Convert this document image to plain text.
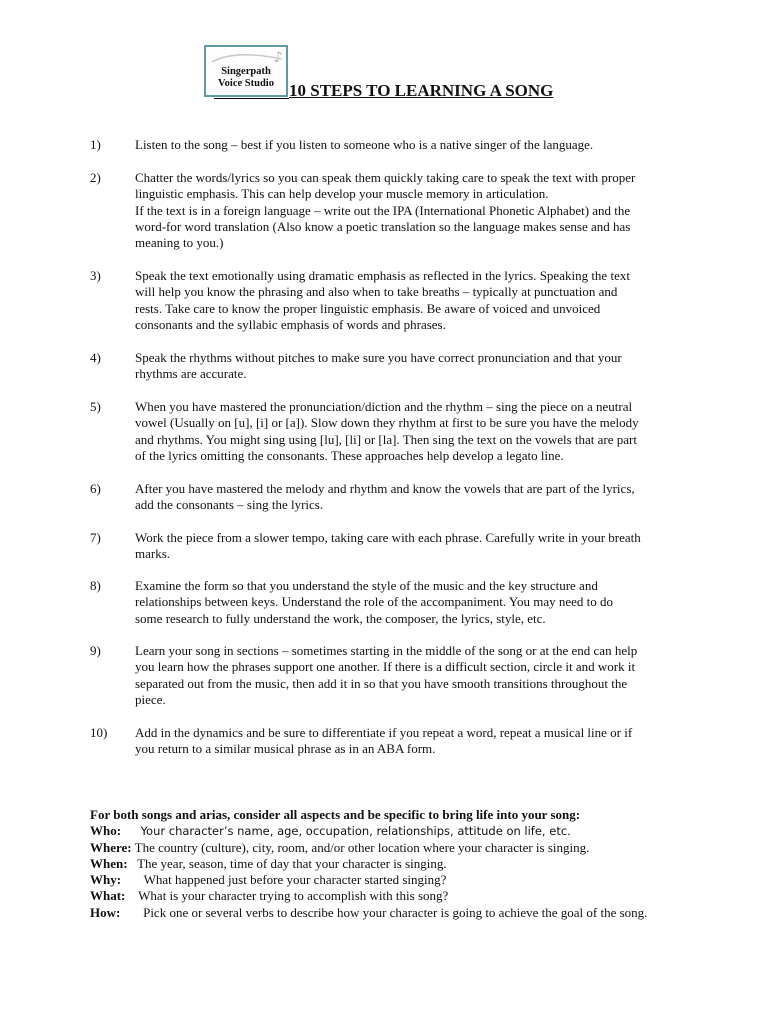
♪
Singerpath
Voice Studio 10 STEPS TO LEARNING A SONG
1)	Listen to the song – best if you listen to someone who is a native singer of the language.
2)	Chatter the words/lyrics so you can speak them quickly taking care to speak the text with proper
linguistic emphasis. This can help develop your muscle memory in articulation.
If the text is in a foreign language – write out the IPA (International Phonetic Alphabet) and the
word-for word translation (Also know a poetic translation so the language makes sense and has
meaning to you.)
3)	Speak the text emotionally using dramatic emphasis as reflected in the lyrics. Speaking the text
will help you know the phrasing and also when to take breaths – typically at punctuation and
rests. Take care to know the proper linguistic emphasis. Be aware of voiced and unvoiced
consonants and the syllabic emphasis of words and phrases.
4)	Speak the rhythms without pitches to make sure you have correct pronunciation and that your
rhythms are accurate.
5)	When you have mastered the pronunciation/diction and the rhythm – sing the piece on a neutral
vowel (Usually on [u], [i] or [a]). Slow down they rhythm at first to be sure you have the melody
and rhythms. You might sing using [lu], [li] or [la]. Then sing the text on the vowels that are part
of the lyrics omitting the consonants. These approaches help develop a legato line.
6)	After you have mastered the melody and rhythm and know the vowels that are part of the lyrics,
add the consonants – sing the lyrics.
7)	Work the piece from a slower tempo, taking care with each phrase. Carefully write in your breath
marks.
8)	Examine the form so that you understand the style of the music and the key structure and
relationships between keys. Understand the role of the accompaniment. You may need to do
some research to fully understand the work, the composer, the lyrics, style, etc.
9)	Learn your song in sections – sometimes starting in the middle of the song or at the end can help
you learn how the phrases support one another. If there is a difficult section, circle it and work it
separated out from the music, then add it in so that you have smooth transitions throughout the
piece.
10) Add in the dynamics and be sure to differentiate if you repeat a word, repeat a musical line or if
you return to a similar musical phrase as in an ABA form.
For both songs and arias, consider all aspects and be specific to bring life into your song:
Who: Your character’s name, age, occupation, relationships, attitude on life, etc.
Where: The country (culture), city, room, and/or other location where your character is singing.
When: The year, season, time of day that your character is singing.
Why: What happened just before your character started singing?
What: What is your character trying to accomplish with this song?
How: Pick one or several verbs to describe how your character is going to achieve the goal of the song.
